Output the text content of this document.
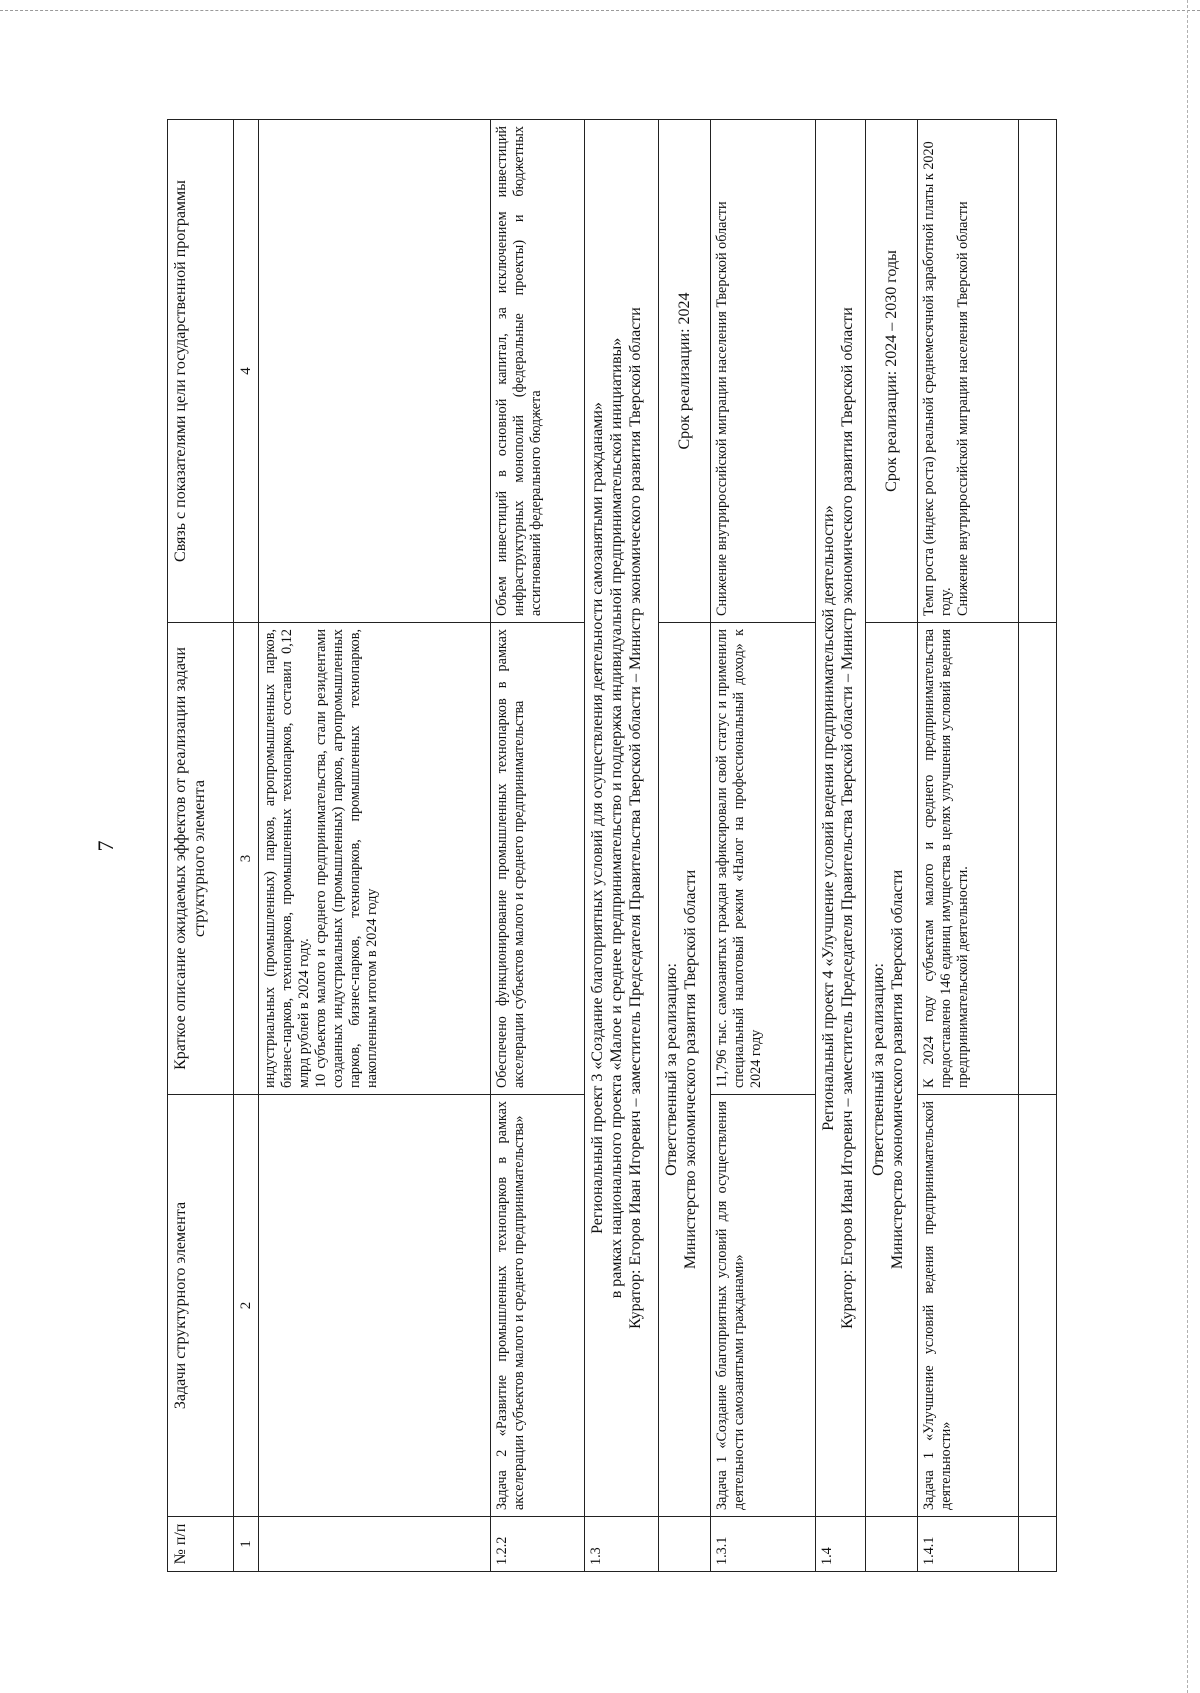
7
№ п/п	Задачи структурного элемента	Краткое описание ожидаемых эффектов от реализации задачи структурного элемента	Связь с показателями цели государственной программы
1	2	3	4

		индустриальных (промышленных) парков, агропромышленных парков, бизнес-парков, технопарков, промышленных технопарков, составил 0,12 млрд рублей в 2024 году. 10 субъектов малого и среднего предпринимательства, стали резидентами созданных индустриальных (промышленных) парков, агропромышленных парков, бизнес-парков, технопарков, промышленных технопарков, накопленным итогом в 2024 году	

1.2.2	Задача 2 «Развитие промышленных технопарков в рамках акселерации субъектов малого и среднего предпринимательства»	Обеспечено функционирование промышленных технопарков в рамках акселерации субъектов малого и среднего предпринимательства	Объем инвестиций в основной капитал, за исключением инвестиций инфраструктурных монополий (федеральные проекты) и бюджетных ассигнований федерального бюджета
1.3	Региональный проект 3 «Создание благоприятных условий для осуществления деятельности самозанятыми гражданами» в рамках национального проекта «Малое и среднее предпринимательство и поддержка индивидуальной предпринимательской инициативы» Куратор: Егоров Иван Игоревич – заместитель Председателя Правительства Тверской области – Министр экономического развития Тверской области		

	Ответственный за реализацию: Министерство экономического развития Тверской области		Срок реализации: 2024
1.3.1	Задача 1 «Создание благоприятных условий для осуществления деятельности самозанятыми гражданами»	11,796 тыс. самозанятых граждан зафиксировали свой статус и применили специальный налоговый режим «Налог на профессиональный доход» к 2024 году	Снижение внутрироссийской миграции населения Тверской области
1.4	Региональный проект 4 «Улучшение условий ведения предпринимательской деятельности» Куратор: Егоров Иван Игоревич – заместитель Председателя Правительства Тверской области – Министр экономического развития Тверской области		

	Ответственный за реализацию: Министерство экономического развития Тверской области		Срок реализации: 2024 – 2030 годы
1.4.1	Задача 1 «Улучшение условий ведения предпринимательской деятельности»	К 2024 году субъектам малого и среднего предпринимательства предоставлено 146 единиц имущества в целях улучшения условий ведения предпринимательской деятельности.	Темп роста (индекс роста) реальной среднемесячной заработной платы к 2020 году. Снижение внутрироссийской миграции населения Тверской области
